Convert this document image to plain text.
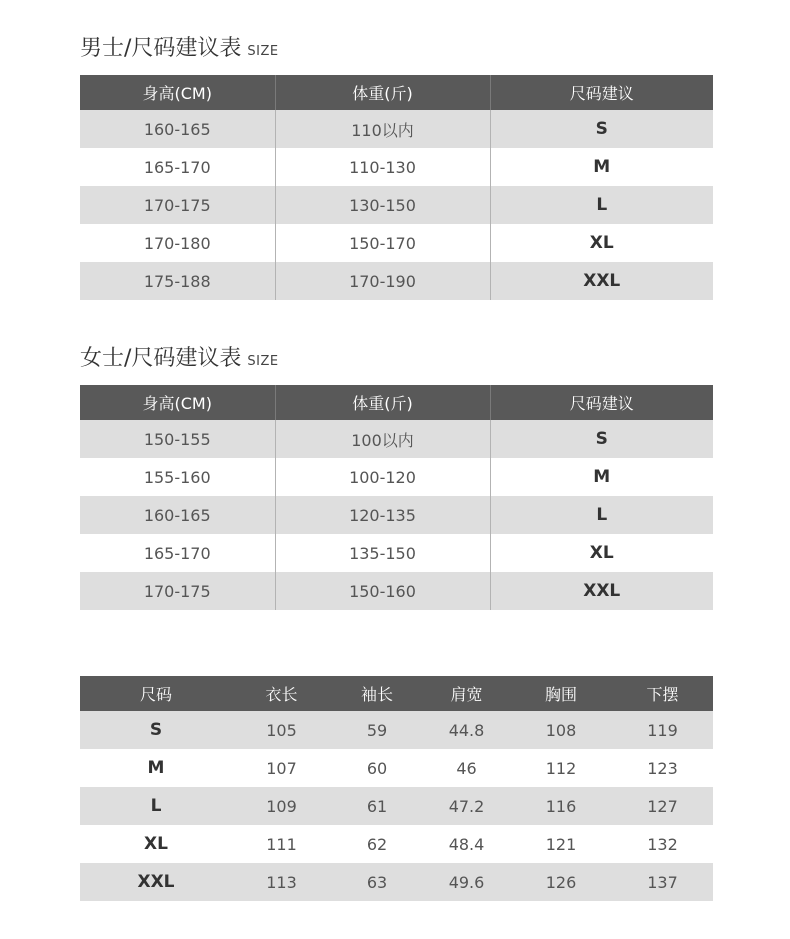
男士/尺码建议表 SIZE
身高(CM)	体重(斤)	尺码建议
160-165	110以内	S
165-170	110-130	M
170-175	130-150	L
170-180	150-170	XL
175-188	170-190	XXL
女士/尺码建议表 SIZE
身高(CM)	体重(斤)	尺码建议
150-155	100以内	S
155-160	100-120	M
160-165	120-135	L
165-170	135-150	XL
170-175	150-160	XXL
尺码	衣长	袖长	肩宽	胸围	下摆
S	105	59	44.8	108	119
M	107	60	46	112	123
L	109	61	47.2	116	127
XL	111	62	48.4	121	132
XXL	113	63	49.6	126	137
